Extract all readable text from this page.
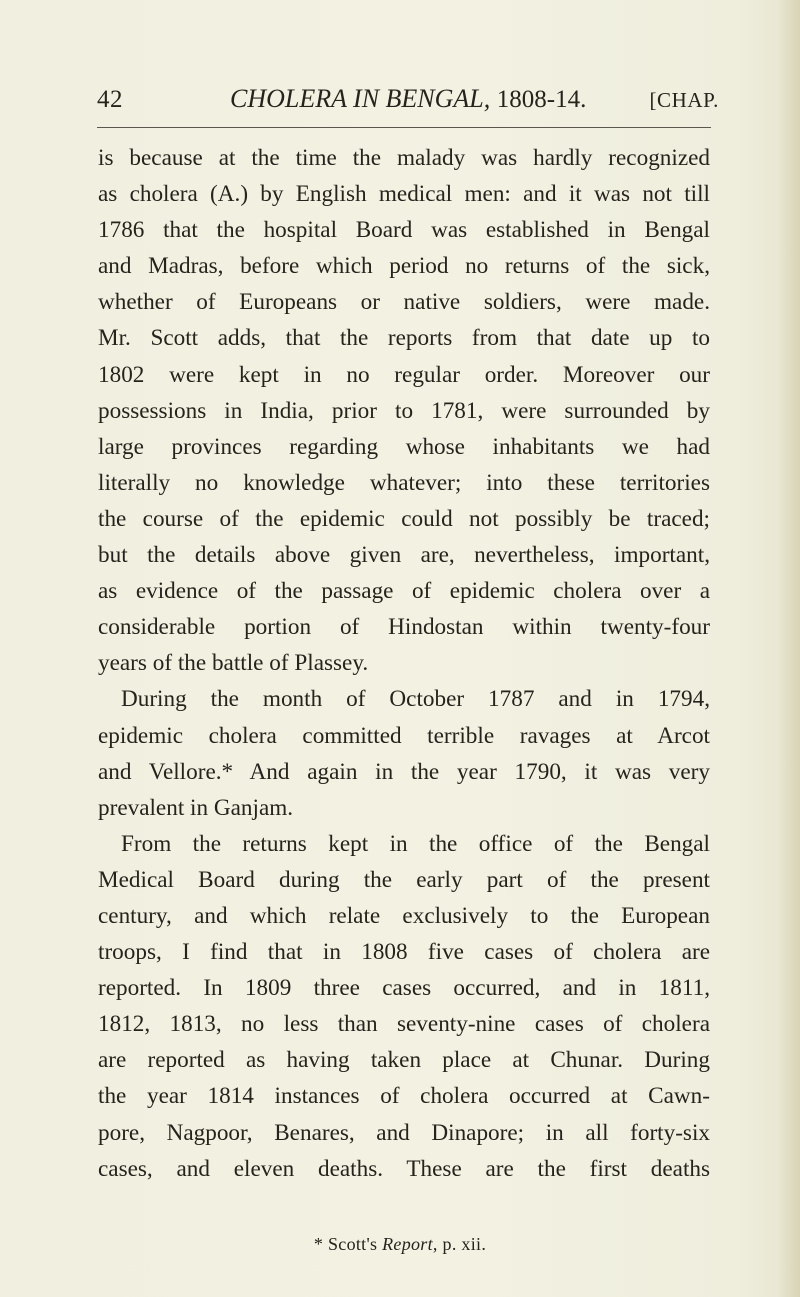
42	CHOLERA IN BENGAL, 1808-14.	[CHAP.
is because at the time the malady was hardly recognized
as cholera (A.) by English medical men: and it was not till
1786 that the hospital Board was established in Bengal
and Madras, before which period no returns of the sick,
whether of Europeans or native soldiers, were made.
Mr. Scott adds, that the reports from that date up to
1802 were kept in no regular order. Moreover our
possessions in India, prior to 1781, were surrounded by
large provinces regarding whose inhabitants we had
literally no knowledge whatever; into these territories
the course of the epidemic could not possibly be traced;
but the details above given are, nevertheless, important,
as evidence of the passage of epidemic cholera over a
considerable portion of Hindostan within twenty-four
years of the battle of Plassey.
During the month of October 1787 and in 1794,
epidemic cholera committed terrible ravages at Arcot
and Vellore.* And again in the year 1790, it was very
prevalent in Ganjam.
From the returns kept in the office of the Bengal
Medical Board during the early part of the present
century, and which relate exclusively to the European
troops, I find that in 1808 five cases of cholera are
reported. In 1809 three cases occurred, and in 1811,
1812, 1813, no less than seventy-nine cases of cholera
are reported as having taken place at Chunar. During
the year 1814 instances of cholera occurred at Cawn-
pore, Nagpoor, Benares, and Dinapore; in all forty-six
cases, and eleven deaths. These are the first deaths
* Scott's Report, p. xii.
